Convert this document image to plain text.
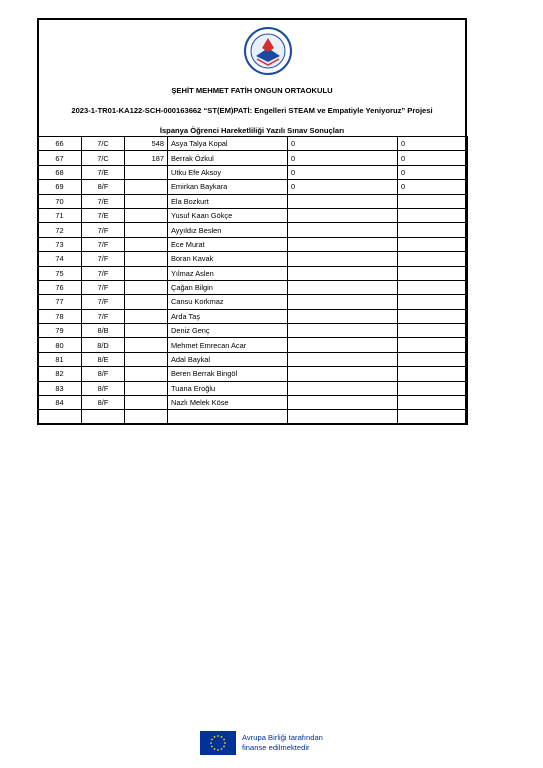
ŞEHİT MEHMET FATİH ONGUN ORTAOKULU
2023-1-TR01-KA122-SCH-000163662 “ST(EM)PATİ: Engelleri STEAM ve Empatiyle Yeniyoruz” Projesi
İspanya Öğrenci Hareketliliği Yazılı Sınav Sonuçları
66	7/C	548	Asya Talya Kopal	0	0
67	7/C	187	Berrak Özkul	0	0
68	7/E		Utku Efe Aksoy	0	0
69	8/F		Emirkan Baykara	0	0
70	7/E		Ela Bozkurt		
71	7/E		Yusuf Kaan Gökçe		
72	7/F		Ayyıldız Beslen		
73	7/F		Ece Murat		
74	7/F		Boran Kavak		
75	7/F		Yılmaz Aslen		
76	7/F		Çağan Bilgin		
77	7/F		Cansu Korkmaz		
78	7/F		Arda Taş		
79	8/B		Deniz Genç		
80	8/D		Mehmet Emrecan Acar		
81	8/E		Adal Baykal		
82	8/F		Beren Berrak Bingöl		
83	8/F		Tuana Eroğlu		
84	8/F		Nazlı Melek Köse		

Avrupa Birliği tarafından
finanse edilmektedir
